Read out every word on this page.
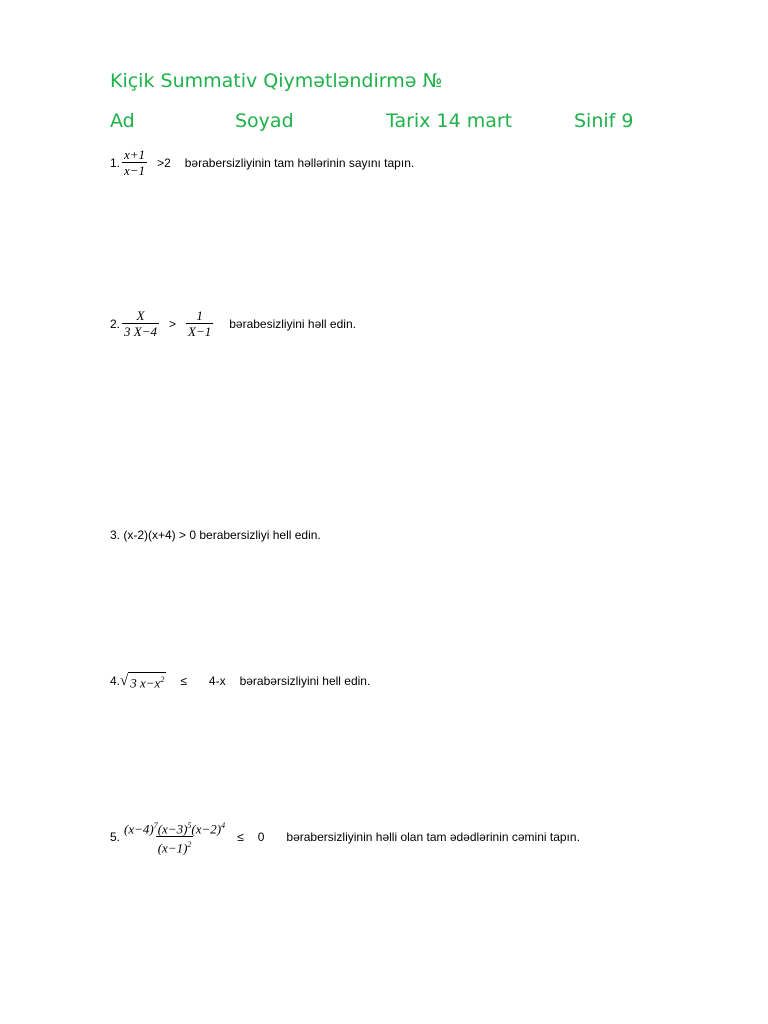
Kiçik Summativ Qiymətləndirmə №
Ad	Soyad	Tarix 14 mart	Sinif 9
1. $\frac{x+1}{x-1} >2$ bərabersizliyinin tam həllərinin sayını tapın.
2. $\frac{X}{3 X-4} > \frac{1}{X-1}$ bərabesizliyini həll edin.
3. (x-2)(x+4) > 0 berabersizliyi hell edin.
4. √ 3 $x-x^2 \le 4-x$ bərabərsizliyini hell edin.
5. $\frac{(x-4)^7(x-3)^5(x-2)^4}{(x-1)^2} \le 0$ bərabersizliyinin həlli olan tam ədədlərinin cəmini tapın.
